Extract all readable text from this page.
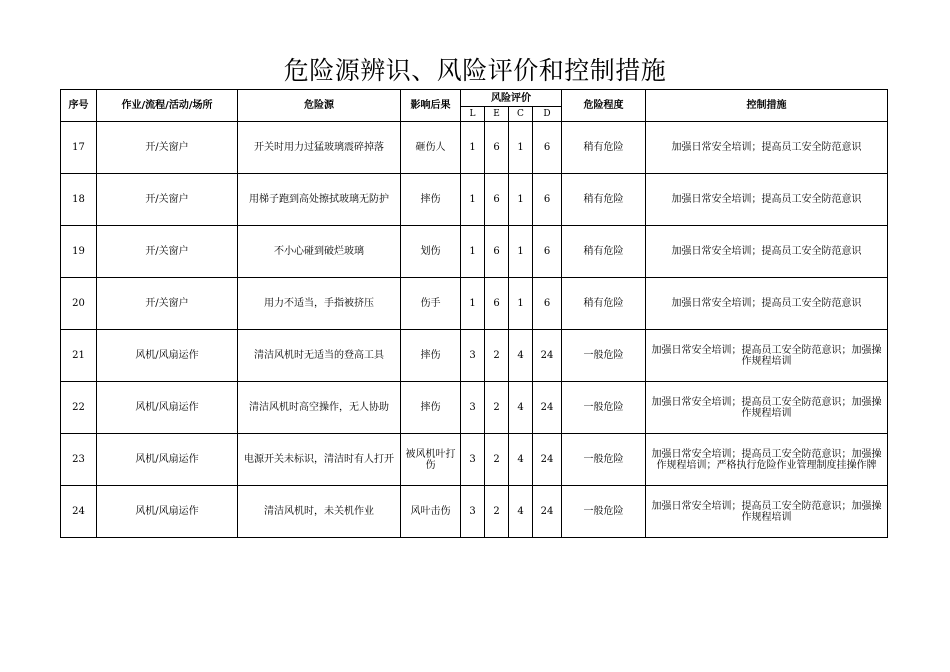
危险源辨识、风险评价和控制措施
序号	作业/流程/活动/场所	危险源	影响后果	风险评价				危险程度	控制措施
				L	E	C	D		
17	开/关窗户	开关时用力过猛玻璃震碎掉落	砸伤人	1	6	1	6	稍有危险	加强日常安全培训；提高员工安全防范意识
18	开/关窗户	用梯子跑到高处擦拭玻璃无防护	摔伤	1	6	1	6	稍有危险	加强日常安全培训；提高员工安全防范意识
19	开/关窗户	不小心碰到破烂玻璃	划伤	1	6	1	6	稍有危险	加强日常安全培训；提高员工安全防范意识
20	开/关窗户	用力不适当，手指被挤压	伤手	1	6	1	6	稍有危险	加强日常安全培训；提高员工安全防范意识
21	风机/风扇运作	清洁风机时无适当的登高工具	摔伤	3	2	4	24	一般危险	加强日常安全培训；提高员工安全防范意识；加强操作规程培训
22	风机/风扇运作	清洁风机时高空操作，无人协助	摔伤	3	2	4	24	一般危险	加强日常安全培训；提高员工安全防范意识；加强操作规程培训
23	风机/风扇运作	电源开关未标识，清洁时有人打开	被风机叶打伤	3	2	4	24	一般危险	加强日常安全培训；提高员工安全防范意识；加强操作规程培训；严格执行危险作业管理制度挂操作牌
24	风机/风扇运作	清洁风机时，未关机作业	风叶击伤	3	2	4	24	一般危险	加强日常安全培训；提高员工安全防范意识；加强操作规程培训
